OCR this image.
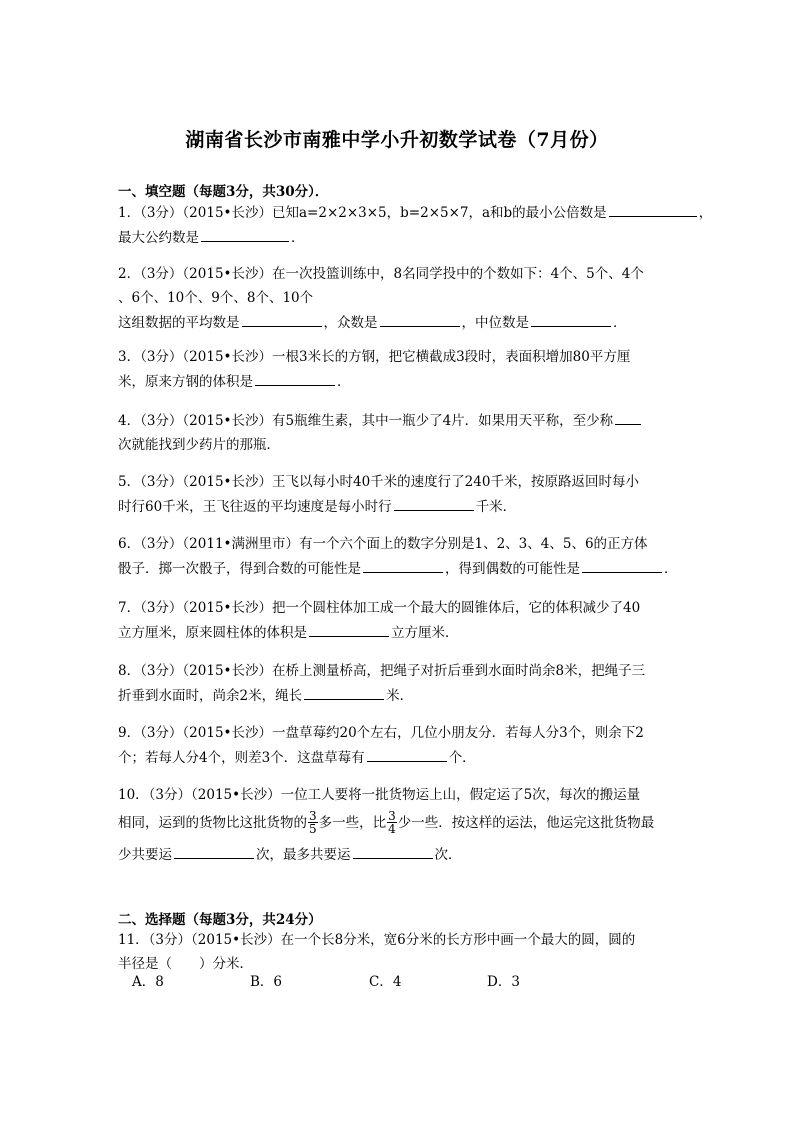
湖南省长沙市南雅中学小升初数学试卷（7月份）
一、填空题（每题3分，共30分）．
1．（3分）（2015•长沙）已知a=2×2×3×5，b=2×5×7，a和b的最小公倍数是	，
最大公约数是	．
2．（3分）（2015•长沙）在一次投篮训练中，8名同学投中的个数如下：4个、5个、4个
、6个、10个、9个、8个、10个
这组数据的平均数是	，众数是	，中位数是	．
3．（3分）（2015•长沙）一根3米长的方钢，把它横截成3段时，表面积增加80平方厘
米，原来方钢的体积是	．
4．（3分）（2015•长沙）有5瓶维生素，其中一瓶少了4片．如果用天平称，至少称
次就能找到少药片的那瓶．
5．（3分）（2015•长沙）王飞以每小时40千米的速度行了240千米，按原路返回时每小
时行60千米，王飞往返的平均速度是每小时行	千米．
6．（3分）（2011•满洲里市）有一个六个面上的数字分别是1、2、3、4、5、6的正方体
骰子．掷一次骰子，得到合数的可能性是	，得到偶数的可能性是	．
7．（3分）（2015•长沙）把一个圆柱体加工成一个最大的圆锥体后，它的体积减少了40
立方厘米，原来圆柱体的体积是	立方厘米．
8．（3分）（2015•长沙）在桥上测量桥高，把绳子对折后垂到水面时尚余8米，把绳子三
折垂到水面时，尚余2米，绳长	米．
9．（3分）（2015•长沙）一盘草莓约20个左右，几位小朋友分．若每人分3个，则余下2
个；若每人分4个，则差3个．这盘草莓有	个．
10．（3分）（2015•长沙）一位工人要将一批货物运上山，假定运了5次，每次的搬运量
相同，运到的货物比这批货物的 $\frac{3}{5}$ 多一些，比 $\frac{3}{4}$ 少一些．按这样的运法，他运完这批货物最
少共要运	次，最多共要运	次．
二、选择题（每题3分，共24分）
11．（3分）（2015•长沙）在一个长8分米，宽6分米的长方形中画一个最大的圆，圆的
半径是（　　）分米．
A．8	B．6	C．4	D．3
